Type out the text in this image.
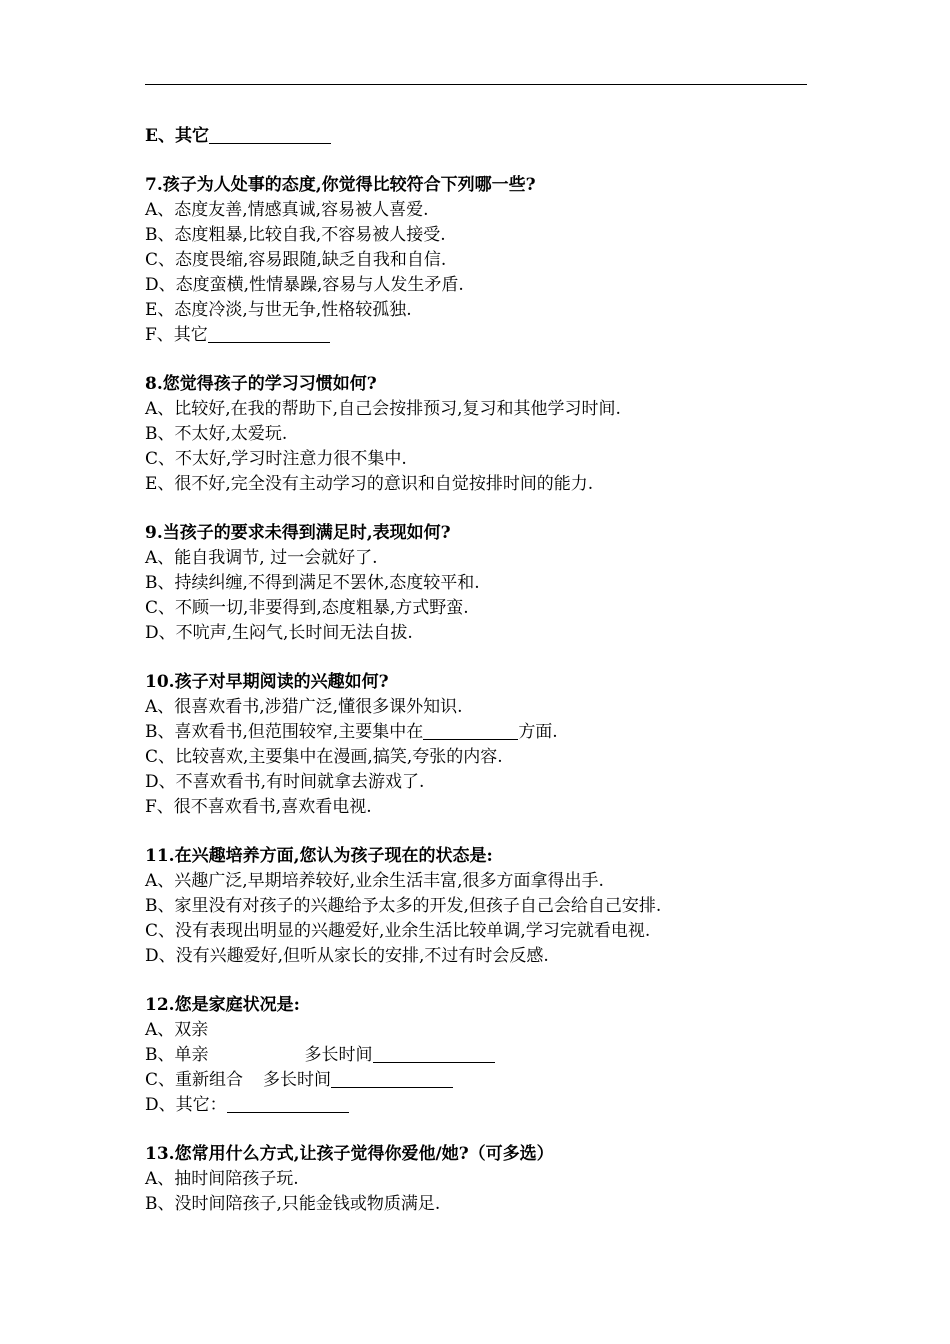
E、其它
7.孩子为人处事的态度,你觉得比较符合下列哪一些?
A、态度友善,情感真诚,容易被人喜爱.
B、态度粗暴,比较自我,不容易被人接受.
C、态度畏缩,容易跟随,缺乏自我和自信.
D、态度蛮横,性情暴躁,容易与人发生矛盾.
E、态度冷淡,与世无争,性格较孤独.
F、其它
8.您觉得孩子的学习习惯如何?
A、比较好,在我的帮助下,自己会按排预习,复习和其他学习时间.
B、不太好,太爱玩.
C、不太好,学习时注意力很不集中.
E、很不好,完全没有主动学习的意识和自觉按排时间的能力.
9.当孩子的要求未得到满足时,表现如何?
A、能自我调节, 过一会就好了.
B、持续纠缠,不得到满足不罢休,态度较平和.
C、不顾一切,非要得到,态度粗暴,方式野蛮.
D、不吭声,生闷气,长时间无法自拔.
10.孩子对早期阅读的兴趣如何?
A、很喜欢看书,涉猎广泛,懂很多课外知识.
B、喜欢看书,但范围较窄,主要集中在	方面.
C、比较喜欢,主要集中在漫画,搞笑,夸张的内容.
D、不喜欢看书,有时间就拿去游戏了.
F、很不喜欢看书,喜欢看电视.
11.在兴趣培养方面,您认为孩子现在的状态是:
A、兴趣广泛,早期培养较好,业余生活丰富,很多方面拿得出手.
B、家里没有对孩子的兴趣给予太多的开发,但孩子自己会给自己安排.
C、没有表现出明显的兴趣爱好,业余生活比较单调,学习完就看电视.
D、没有兴趣爱好,但听从家长的安排,不过有时会反感.
12.您是家庭状况是:
A、双亲
B、单亲	多长时间
C、重新组合 多长时间
D、其它：
13.您常用什么方式,让孩子觉得你爱他/她?（可多选）
A、抽时间陪孩子玩.
B、没时间陪孩子,只能金钱或物质满足.
